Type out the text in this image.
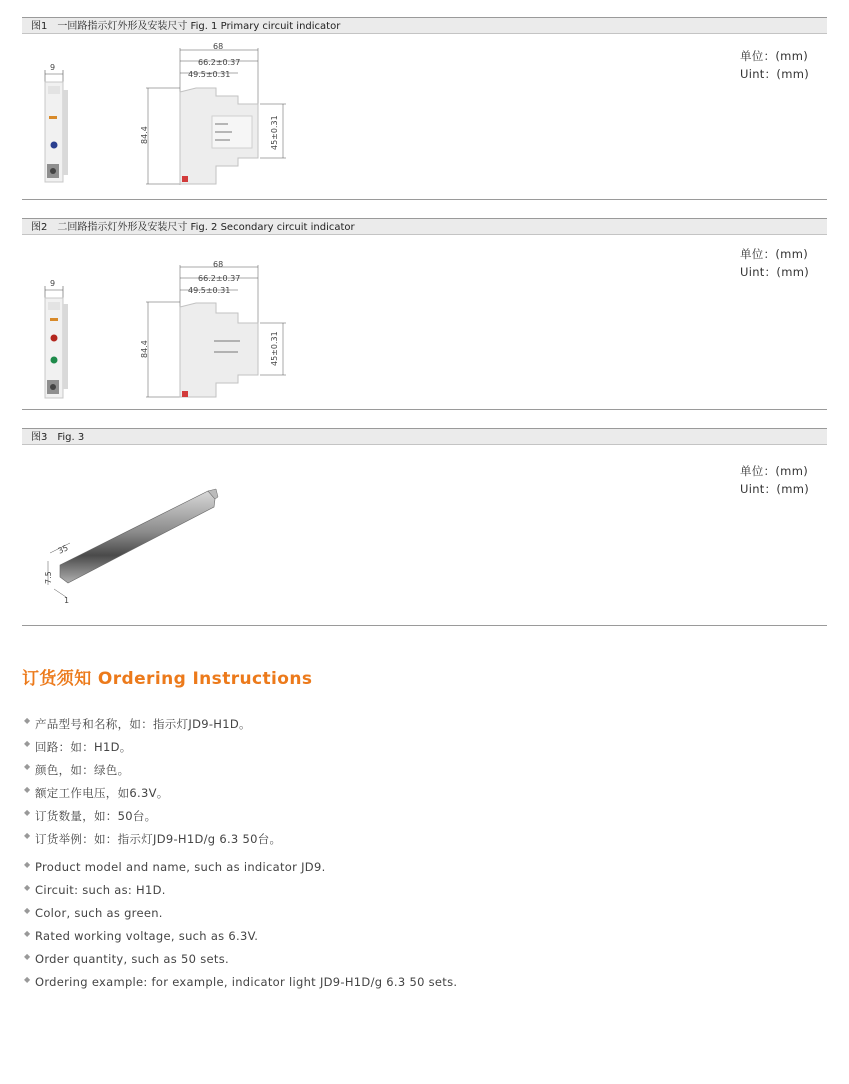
图1　一回路指示灯外形及安装尺寸 Fig. 1 Primary circuit indicator
单位：(mm)
Uint：(mm)
9
68
66.2±0.37
49.5±0.31
84.4	45±0.31
图2　二回路指示灯外形及安装尺寸 Fig. 2 Secondary circuit indicator
单位：(mm)
Uint：(mm)
9
68
66.2±0.37
49.5±0.31
84.4	45±0.31
图3　Fig. 3
单位：(mm)
Uint：(mm)
35
7.5
1
订货须知 Ordering Instructions
◆ 产品型号和名称，如：指示灯JD9-H1D。
◆ 回路：如：H1D。
◆ 颜色，如：绿色。
◆ 额定工作电压，如6.3V。
◆ 订货数量，如：50台。
◆ 订货举例：如：指示灯JD9-H1D/g 6.3 50台。
◆ Product model and name, such as indicator JD9.
◆ Circuit: such as: H1D.
◆ Color, such as green.
◆ Rated working voltage, such as 6.3V.
◆ Order quantity, such as 50 sets.
◆ Ordering example: for example, indicator light JD9-H1D/g 6.3 50 sets.
